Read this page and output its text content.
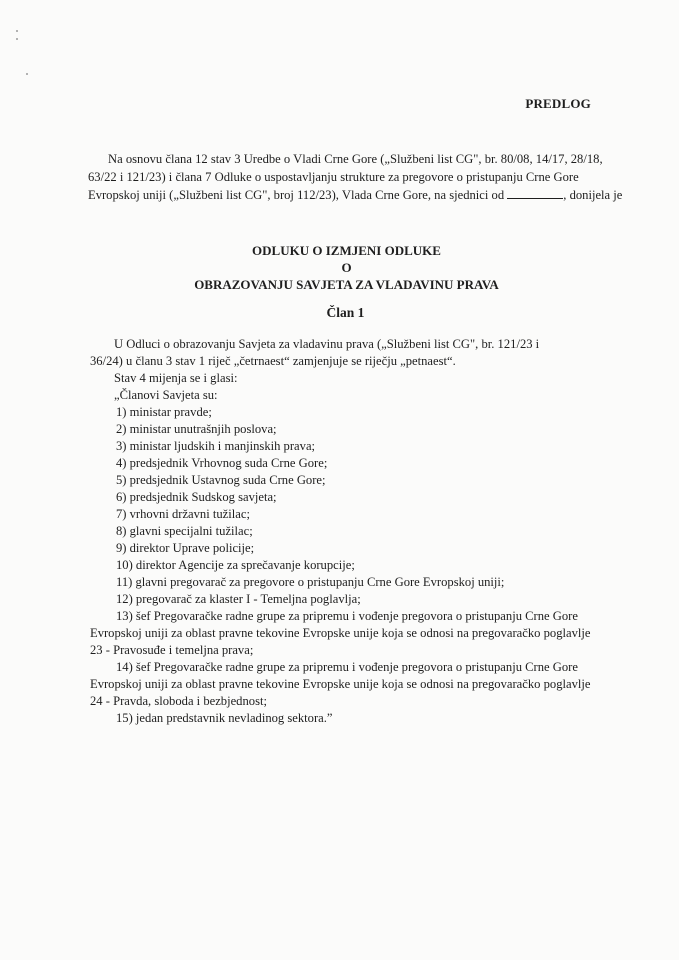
PREDLOG
Na osnovu člana 12 stav 3 Uredbe o Vladi Crne Gore („Službeni list CG", br. 80/08, 14/17, 28/18,
63/22 i 121/23) i člana 7 Odluke o uspostavljanju strukture za pregovore o pristupanju Crne Gore
Evropskoj uniji („Službeni list CG", broj 112/23), Vlada Crne Gore, na sjednici od	, donijela je
ODLUKU O IZMJENI ODLUKE
O
OBRAZOVANJU SAVJETA ZA VLADAVINU PRAVA
Član 1
U Odluci o obrazovanju Savjeta za vladavinu prava („Službeni list CG", br. 121/23 i
36/24) u članu 3 stav 1 riječ „četrnaest“ zamjenjuje se riječju „petnaest“.
Stav 4 mijenja se i glasi:
„Članovi Savjeta su:
1) ministar pravde;
2) ministar unutrašnjih poslova;
3) ministar ljudskih i manjinskih prava;
4) predsjednik Vrhovnog suda Crne Gore;
5) predsjednik Ustavnog suda Crne Gore;
6) predsjednik Sudskog savjeta;
7) vrhovni državni tužilac;
8) glavni specijalni tužilac;
9) direktor Uprave policije;
10) direktor Agencije za sprečavanje korupcije;
11) glavni pregovarač za pregovore o pristupanju Crne Gore Evropskoj uniji;
12) pregovarač za klaster I - Temeljna poglavlja;
13) šef Pregovaračke radne grupe za pripremu i vođenje pregovora o pristupanju Crne Gore
Evropskoj uniji za oblast pravne tekovine Evropske unije koja se odnosi na pregovaračko poglavlje
23 - Pravosuđe i temeljna prava;
14) šef Pregovaračke radne grupe za pripremu i vođenje pregovora o pristupanju Crne Gore
Evropskoj uniji za oblast pravne tekovine Evropske unije koja se odnosi na pregovaračko poglavlje
24 - Pravda, sloboda i bezbjednost;
15) jedan predstavnik nevladinog sektora.”
